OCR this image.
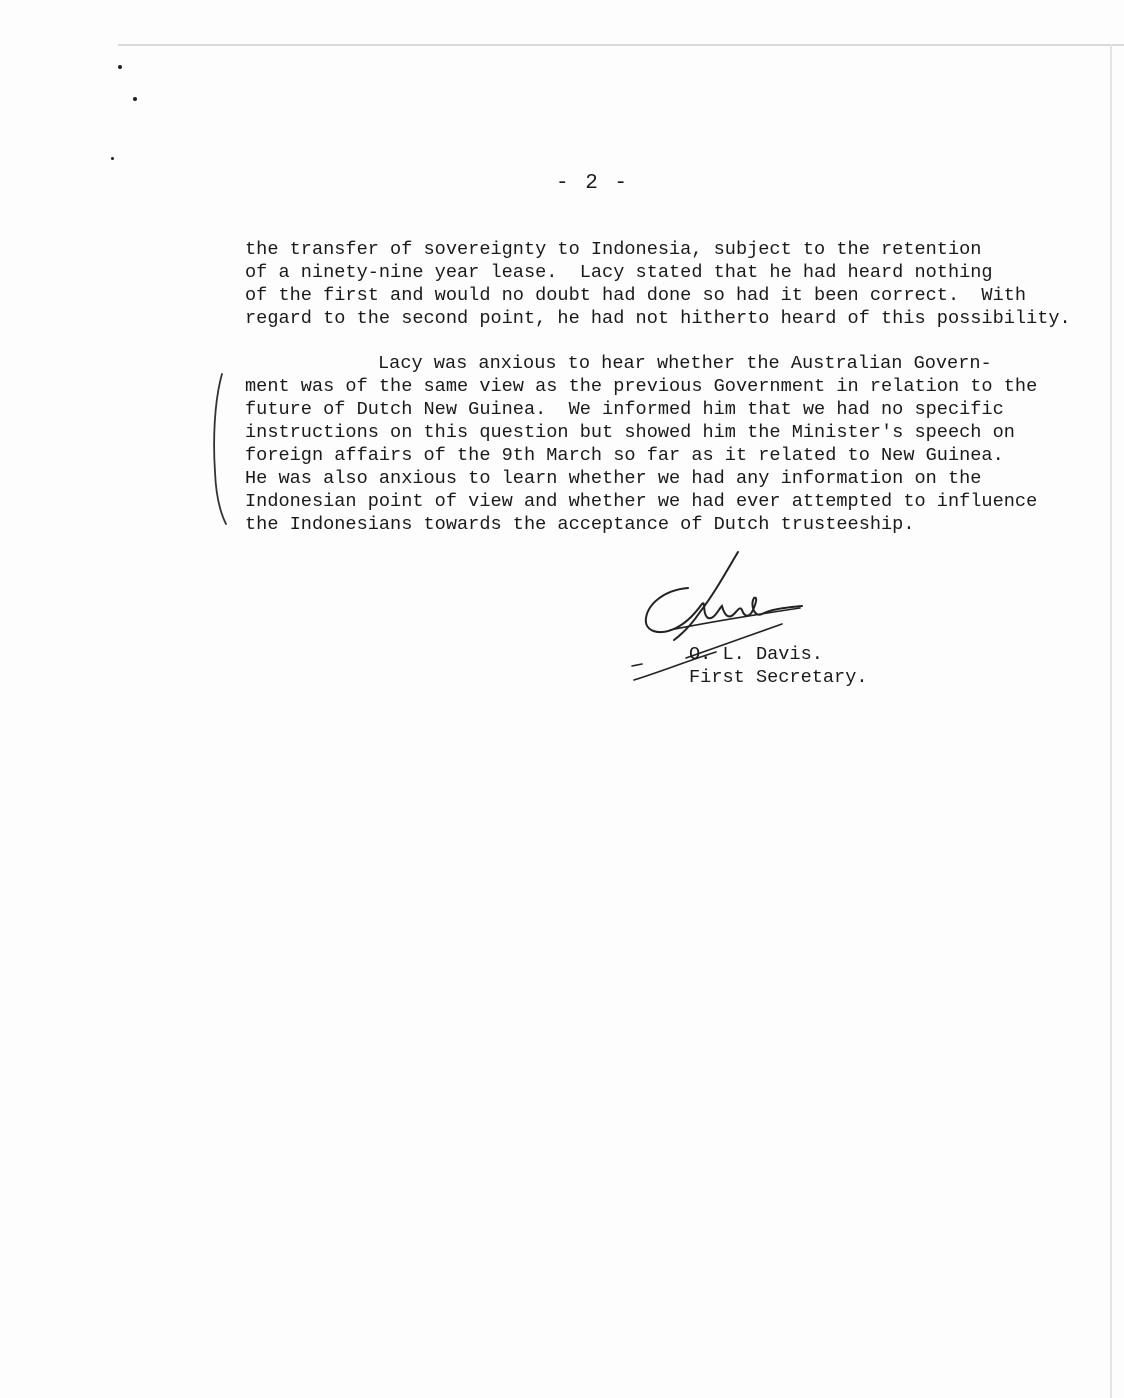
- 2 -
the transfer of sovereignty to Indonesia, subject to the retention
of a ninety-nine year lease.  Lacy stated that he had heard nothing
of the first and would no doubt had done so had it been correct.  With
regard to the second point, he had not hitherto heard of this possibility.
Lacy was anxious to hear whether the Australian Govern-
ment was of the same view as the previous Government in relation to the
future of Dutch New Guinea.  We informed him that we had no specific
instructions on this question but showed him the Minister's speech on
foreign affairs of the 9th March so far as it related to New Guinea.
He was also anxious to learn whether we had any information on the
Indonesian point of view and whether we had ever attempted to influence
the Indonesians towards the acceptance of Dutch trusteeship.
O. L. Davis.
First Secretary.
